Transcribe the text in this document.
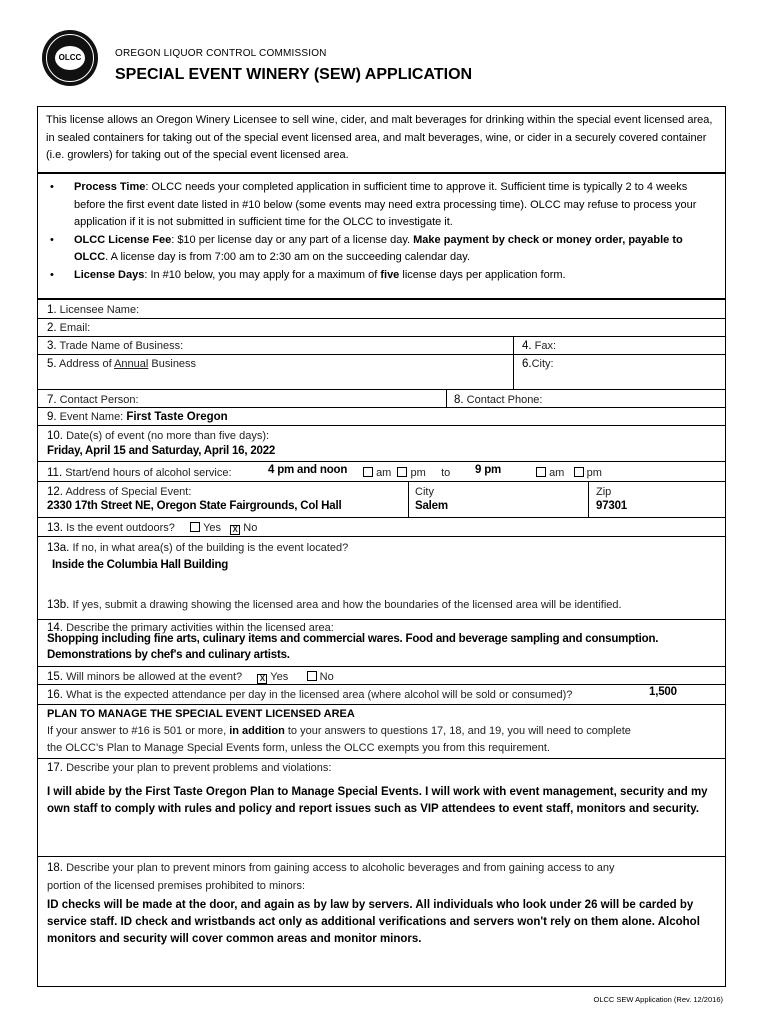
OLCC	OREGON LIQUOR CONTROL COMMISSION
SPECIAL EVENT WINERY (SEW) APPLICATION
This license allows an Oregon Winery Licensee to sell wine, cider, and malt beverages for drinking within the special event licensed area, in sealed containers for taking out of the special event licensed area, and malt beverages, wine, or cider in a securely covered container (i.e. growlers) for taking out of the special event licensed area.
• Process Time: OLCC needs your completed application in sufficient time to approve it. Sufficient time is typically 2 to 4 weeks before the first event date listed in #10 below (some events may need extra processing time). OLCC may refuse to process your application if it is not submitted in sufficient time for the OLCC to investigate it.
• OLCC License Fee: $10 per license day or any part of a license day. Make payment by check or money order, payable to OLCC. A license day is from 7:00 am to 2:30 am on the succeeding calendar day.
• License Days: In #10 below, you may apply for a maximum of five license days per application form.
1. Licensee Name:
2. Email:
3. Trade Name of Business:	4. Fax:
5. Address of Annual Business	6.City:
7. Contact Person:	8. Contact Phone:
9. Event Name: First Taste Oregon
10. Date(s) of event (no more than five days):
Friday, April 15 and Saturday, April 16, 2022
11. Start/end hours of alcohol service:	4 pm and noon	am pm to 9 pm	am pm
12. Address of Special Event:
2330 17th Street NE, Oregon State Fairgrounds, Col Hall
City
Salem
Zip
97301
13. Is the event outdoors?	Yes X No
13a. If no, in what area(s) of the building is the event located?
Inside the Columbia Hall Building
13b. If yes, submit a drawing showing the licensed area and how the boundaries of the licensed area will be identified.
14. Describe the primary activities within the licensed area:
Shopping including fine arts, culinary items and commercial wares. Food and beverage sampling and consumption.
Demonstrations by chef's and culinary artists.
15. Will minors be allowed at the event? X Yes	No
16. What is the expected attendance per day in the licensed area (where alcohol will be sold or consumed)?	1,500
PLAN TO MANAGE THE SPECIAL EVENT LICENSED AREA
If your answer to #16 is 501 or more, in addition to your answers to questions 17, 18, and 19, you will need to complete
the OLCC’s Plan to Manage Special Events form, unless the OLCC exempts you from this requirement.
17. Describe your plan to prevent problems and violations:
I will abide by the First Taste Oregon Plan to Manage Special Events. I will work with event management, security and my own staff to comply with rules and policy and report issues such as VIP attendees to event staff, monitors and security.
18. Describe your plan to prevent minors from gaining access to alcoholic beverages and from gaining access to any
portion of the licensed premises prohibited to minors:
ID checks will be made at the door, and again as by law by servers. All individuals who look under 26 will be carded by service staff. ID check and wristbands act only as additional verifications and servers won't rely on them alone. Alcohol monitors and security will cover common areas and monitor minors.
OLCC SEW Application (Rev. 12/2016)
